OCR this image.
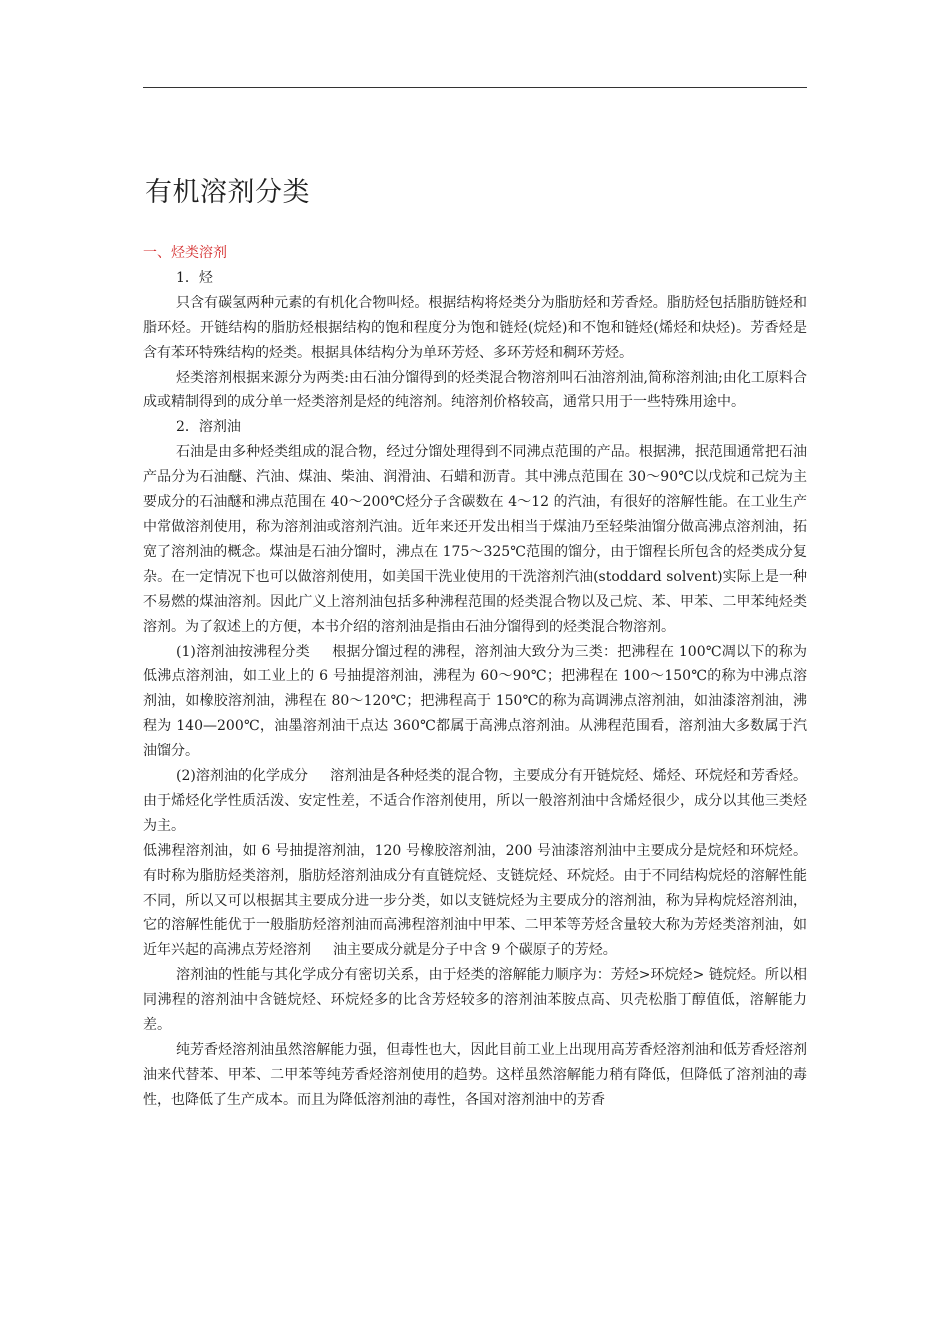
有机溶剂分类

一、烃类溶剂

1．烃

只含有碳氢两种元素的有机化合物叫烃。根据结构将烃类分为脂肪烃和芳香烃。脂肪烃包括脂肪链烃和脂环烃。开链结构的脂肪烃根据结构的饱和程度分为饱和链烃(烷烃)和不饱和链烃(烯烃和炔烃)。芳香烃是含有苯环特殊结构的烃类。根据具体结构分为单环芳烃、多环芳烃和稠环芳烃。

烃类溶剂根据来源分为两类:由石油分馏得到的烃类混合物溶剂叫石油溶剂油,简称溶剂油;由化工原料合成或精制得到的成分单一烃类溶剂是烃的纯溶剂。纯溶剂价格较高，通常只用于一些特殊用途中。

2．溶剂油

石油是由多种烃类组成的混合物，经过分馏处理得到不同沸点范围的产品。根据沸，抿范围通常把石油产品分为石油醚、汽油、煤油、柴油、润滑油、石蜡和沥青。其中沸点范围在 30～90℃以戊烷和己烷为主要成分的石油醚和沸点范围在 40～200℃烃分子含碳数在 4～12 的汽油，有很好的溶解性能。在工业生产中常做溶剂使用，称为溶剂油或溶剂汽油。近年来还开发出相当于煤油乃至轻柴油馏分做高沸点溶剂油，拓宽了溶剂油的概念。煤油是石油分馏时，沸点在 175～325℃范围的馏分，由于馏程长所包含的烃类成分复杂。在一定情况下也可以做溶剂使用，如美国干洗业使用的干洗溶剂汽油(stoddard solvent)实际上是一种不易燃的煤油溶剂。因此广义上溶剂油包括多种沸程范围的烃类混合物以及己烷、苯、甲苯、二甲苯纯烃类溶剂。为了叙述上的方便，本书介绍的溶剂油是指由石油分馏得到的烃类混合物溶剂。

(1)溶剂油按沸程分类 根据分馏过程的沸程，溶剂油大致分为三类：把沸程在 100℃凋以下的称为低沸点溶剂油，如工业上的 6 号抽提溶剂油，沸程为 60～90℃；把沸程在 100～150℃的称为中沸点溶剂油，如橡胶溶剂油，沸程在 80～120℃；把沸程高于 150℃的称为高调沸点溶剂油，如油漆溶剂油，沸程为 140—200℃，油墨溶剂油干点达 360℃都属于高沸点溶剂油。从沸程范围看，溶剂油大多数属于汽油馏分。

(2)溶剂油的化学成分 溶剂油是各种烃类的混合物，主要成分有开链烷烃、烯烃、环烷烃和芳香烃。由于烯烃化学性质活泼、安定性差，不适合作溶剂使用，所以一般溶剂油中含烯烃很少，成分以其他三类烃为主。

低沸程溶剂油，如 6 号抽提溶剂油，120 号橡胶溶剂油，200 号油漆溶剂油中主要成分是烷烃和环烷烃。有时称为脂肪烃类溶剂，脂肪烃溶剂油成分有直链烷烃、支链烷烃、环烷烃。由于不同结构烷烃的溶解性能不同，所以又可以根据其主要成分进一步分类，如以支链烷烃为主要成分的溶剂油，称为异构烷烃溶剂油，它的溶解性能优于一般脂肪烃溶剂油而高沸程溶剂油中甲苯、二甲苯等芳烃含量较大称为芳烃类溶剂油，如近年兴起的高沸点芳烃溶剂 油主要成分就是分子中含 9 个碳原子的芳烃。

溶剂油的性能与其化学成分有密切关系，由于烃类的溶解能力顺序为：芳烃>环烷烃> 链烷烃。所以相同沸程的溶剂油中含链烷烃、环烷烃多的比含芳烃较多的溶剂油苯胺点高、贝壳松脂丁醇值低，溶解能力差。

纯芳香烃溶剂油虽然溶解能力强，但毒性也大，因此目前工业上出现用高芳香烃溶剂油和低芳香烃溶剂油来代替苯、甲苯、二甲苯等纯芳香烃溶剂使用的趋势。这样虽然溶解能力稍有降低，但降低了溶剂油的毒性，也降低了生产成本。而且为降低溶剂油的毒性，各国对溶剂油中的芳香
